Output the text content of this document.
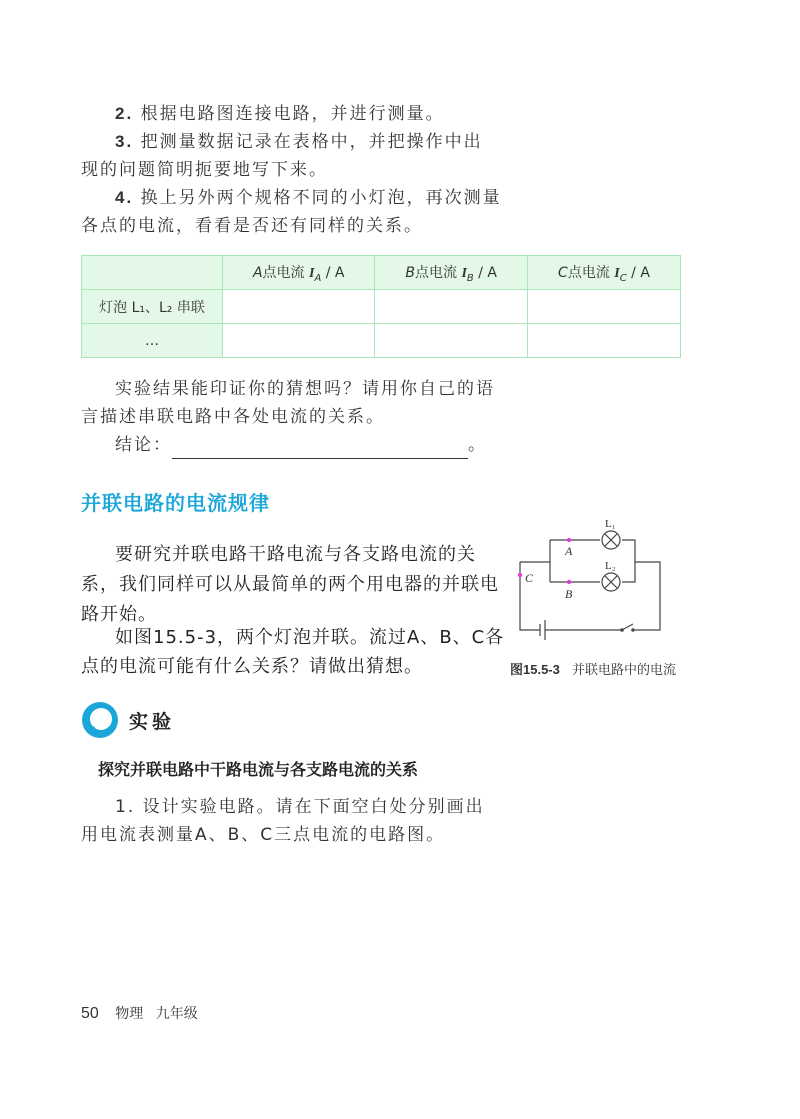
2. 根据电路图连接电路，并进行测量。
3. 把测量数据记录在表格中，并把操作中出
现的问题简明扼要地写下来。
4. 换上另外两个规格不同的小灯泡，再次测量
各点的电流，看看是否还有同样的关系。
	A点电流 $I_A$ / A	B点电流 $I_B$ / A	C点电流 $I_C$ / A
灯泡 L₁、L₂ 串联			
…			
实验结果能印证你的猜想吗？请用你自己的语
言描述串联电路中各处电流的关系。
结论：	。
并联电路的电流规律
要研究并联电路干路电流与各支路电流的关
系，我们同样可以从最简单的两个用电器的并联电
路开始。
如图15.5-3，两个灯泡并联。流过A、B、C各
点的电流可能有什么关系？请做出猜想。
L₁
L₂
A
B
C
图15.5-3 并联电路中的电流
实验
探究并联电路中干路电流与各支路电流的关系
1. 设计实验电路。请在下面空白处分别画出
用电流表测量A、B、C三点电流的电路图。
50 物理 九年级
